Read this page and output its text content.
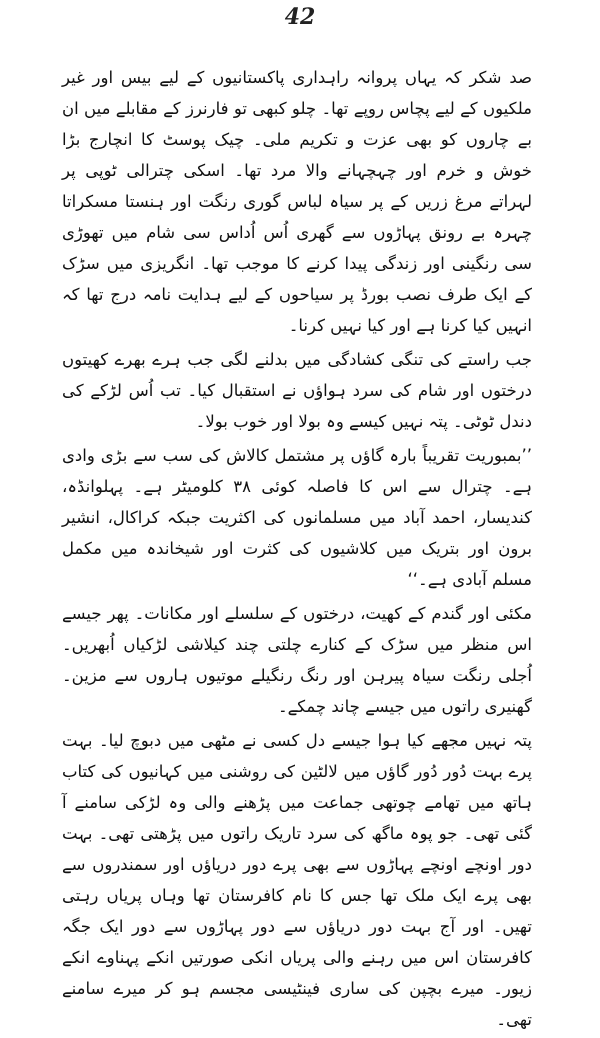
42

صد شکر کہ یہاں پروانہ راہداری پاکستانیوں کے لیے بیس اور غیر ملکیوں کے لیے پچاس روپے تھا۔ چلو کبھی تو فارنرز کے مقابلے میں ان بے چاروں کو بھی عزت و تکریم ملی۔ چیک پوسٹ کا انچارج بڑا خوش و خرم اور چہچہانے والا مرد تھا۔ اسکی چترالی ٹوپی پر لہراتے مرغ زریں کے پر سیاہ لباس گوری رنگت اور ہنستا مسکراتا چہرہ بے رونق پہاڑوں سے گھری اُس اُداس سی شام میں تھوڑی سی رنگینی اور زندگی پیدا کرنے کا موجب تھا۔ انگریزی میں سڑک کے ایک طرف نصب بورڈ پر سیاحوں کے لیے ہدایت نامہ درج تھا کہ انہیں کیا کرنا ہے اور کیا نہیں کرنا۔

جب راستے کی تنگی کشادگی میں بدلنے لگی جب ہرے بھرے کھیتوں درختوں اور شام کی سرد ہواؤں نے استقبال کیا۔ تب اُس لڑکے کی دندل ٹوٹی۔ پتہ نہیں کیسے وہ بولا اور خوب بولا۔

’’بمبوریت تقریباً بارہ گاؤں پر مشتمل کالاش کی سب سے بڑی وادی ہے۔ چترال سے اس کا فاصلہ کوئی ۳۸ کلومیٹر ہے۔ پہلوانڈہ، کندیسار، احمد آباد میں مسلمانوں کی اکثریت جبکہ کراکال، انشیر برون اور بتریک میں کلاشیوں کی کثرت اور شیخاندہ میں مکمل مسلم آبادی ہے۔‘‘

مکئی اور گندم کے کھیت، درختوں کے سلسلے اور مکانات۔ پھر جیسے اس منظر میں سڑک کے کنارے چلتی چند کیلاشی لڑکیاں اُبھریں۔ اُجلی رنگت سیاہ پیرہن اور رنگ رنگیلے موتیوں ہاروں سے مزین۔ گھنیری راتوں میں جیسے چاند چمکے۔

پتہ نہیں مجھے کیا ہوا جیسے دل کسی نے مٹھی میں دبوچ لیا۔ بہت پرے بہت دُور دُور گاؤں میں لالٹین کی روشنی میں کہانیوں کی کتاب ہاتھ میں تھامے چوتھی جماعت میں پڑھنے والی وہ لڑکی سامنے آ گئی تھی۔ جو پوہ ماگھ کی سرد تاریک راتوں میں پڑھتی تھی۔ بہت دور اونچے اونچے پہاڑوں سے بھی پرے دور دریاؤں اور سمندروں سے بھی پرے ایک ملک تھا جس کا نام کافرستان تھا وہاں پریاں رہتی تھیں۔ اور آج بہت دور دریاؤں سے دور پہاڑوں سے دور ایک جگہ کافرستان اس میں رہنے والی پریاں انکی صورتیں انکے پہناوے انکے زیور۔ میرے بچپن کی ساری فینٹیسی مجسم ہو کر میرے سامنے تھی۔
